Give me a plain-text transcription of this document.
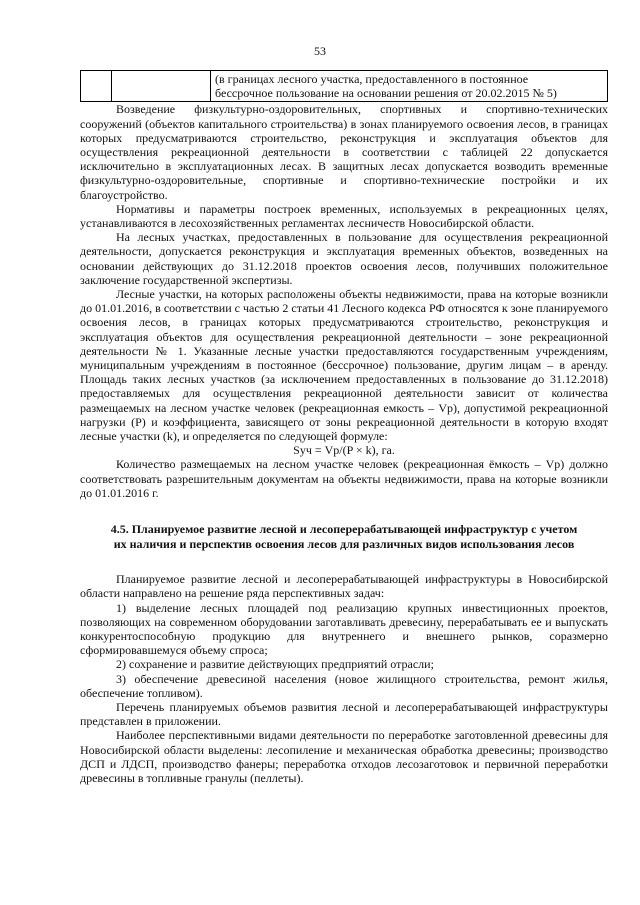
53

(в границах лесного участка, предоставленного в постоянное
бессрочное пользование на основании решения от 20.02.2015 № 5)

Возведение физкультурно-оздоровительных, спортивных и спортивно-технических сооружений (объектов капитального строительства) в зонах планируемого освоения лесов, в границах которых предусматриваются строительство, реконструкция и эксплуатация объектов для осуществления рекреационной деятельности в соответствии с таблицей 22 допускается исключительно в эксплуатационных лесах. В защитных лесах допускается возводить временные физкультурно-оздоровительные, спортивные и спортивно-технические постройки и их благоустройство.

Нормативы и параметры построек временных, используемых в рекреационных целях, устанавливаются в лесохозяйственных регламентах лесничеств Новосибирской области.

На лесных участках, предоставленных в пользование для осуществления рекреационной деятельности, допускается реконструкция и эксплуатация временных объектов, возведенных на основании действующих до 31.12.2018 проектов освоения лесов, получивших положительное заключение государственной экспертизы.

Лесные участки, на которых расположены объекты недвижимости, права на которые возникли до 01.01.2016, в соответствии с частью 2 статьи 41 Лесного кодекса РФ относятся к зоне планируемого освоения лесов, в границах которых предусматриваются строительство, реконструкция и эксплуатация объектов для осуществления рекреационной деятельности – зоне рекреационной деятельности № 1. Указанные лесные участки предоставляются государственным учреждениям, муниципальным учреждениям в постоянное (бессрочное) пользование, другим лицам – в аренду. Площадь таких лесных участков (за исключением предоставленных в пользование до 31.12.2018) предоставляемых для осуществления рекреационной деятельности зависит от количества размещаемых на лесном участке человек (рекреационная емкость – Vр), допустимой рекреационной нагрузки (Р) и коэффициента, зависящего от зоны рекреационной деятельности в которую входят лесные участки (k), и определяется по следующей формуле:

Sуч = Vр/(P × k), га.

Количество размещаемых на лесном участке человек (рекреационная ёмкость – Vр) должно соответствовать разрешительным документам на объекты недвижимости, права на которые возникли до 01.01.2016 г.

4.5. Планируемое развитие лесной и лесоперерабатывающей инфраструктур с учетом
их наличия и перспектив освоения лесов для различных видов использования лесов

Планируемое развитие лесной и лесоперерабатывающей инфраструктуры в Новосибирской области направлено на решение ряда перспективных задач:

1) выделение лесных площадей под реализацию крупных инвестиционных проектов, позволяющих на современном оборудовании заготавливать древесину, перерабатывать ее и выпускать конкурентоспособную продукцию для внутреннего и внешнего рынков, соразмерно сформировавшемуся объему спроса;

2) сохранение и развитие действующих предприятий отрасли;

3) обеспечение древесиной населения (новое жилищного строительства, ремонт жилья, обеспечение топливом).

Перечень планируемых объемов развития лесной и лесоперерабатывающей инфраструктуры представлен в приложении.

Наиболее перспективными видами деятельности по переработке заготовленной древесины для Новосибирской области выделены: лесопиление и механическая обработка древесины; производство ДСП и ЛДСП, производство фанеры; переработка отходов лесозаготовок и первичной переработки древесины в топливные гранулы (пеллеты).
